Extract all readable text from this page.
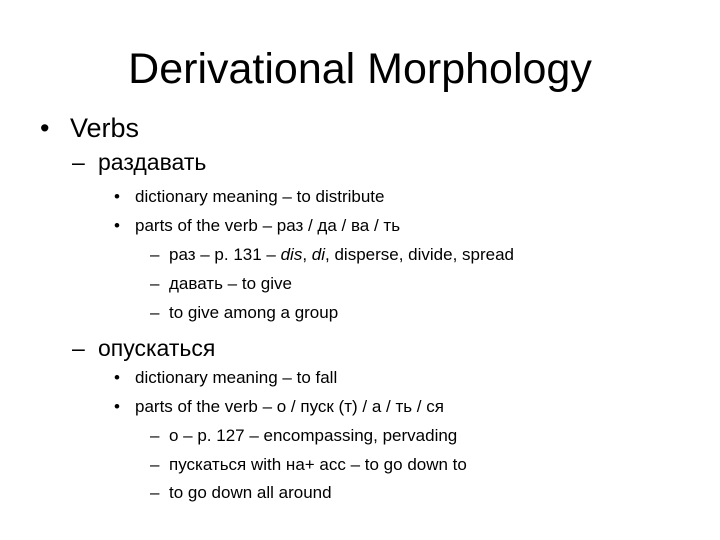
Derivational Morphology
• Verbs
– раздавать
• dictionary meaning – to distribute
• parts of the verb – раз / да / ва / ть
– раз – p. 131 – dis, di, disperse, divide, spread
– давать – to give
– to give among a group
– опускаться
• dictionary meaning – to fall
• parts of the verb – о / пуск (т) / а / ть / ся
– о – p. 127 – encompassing, pervading
– пускаться with на+ acc – to go down to
– to go down all around
